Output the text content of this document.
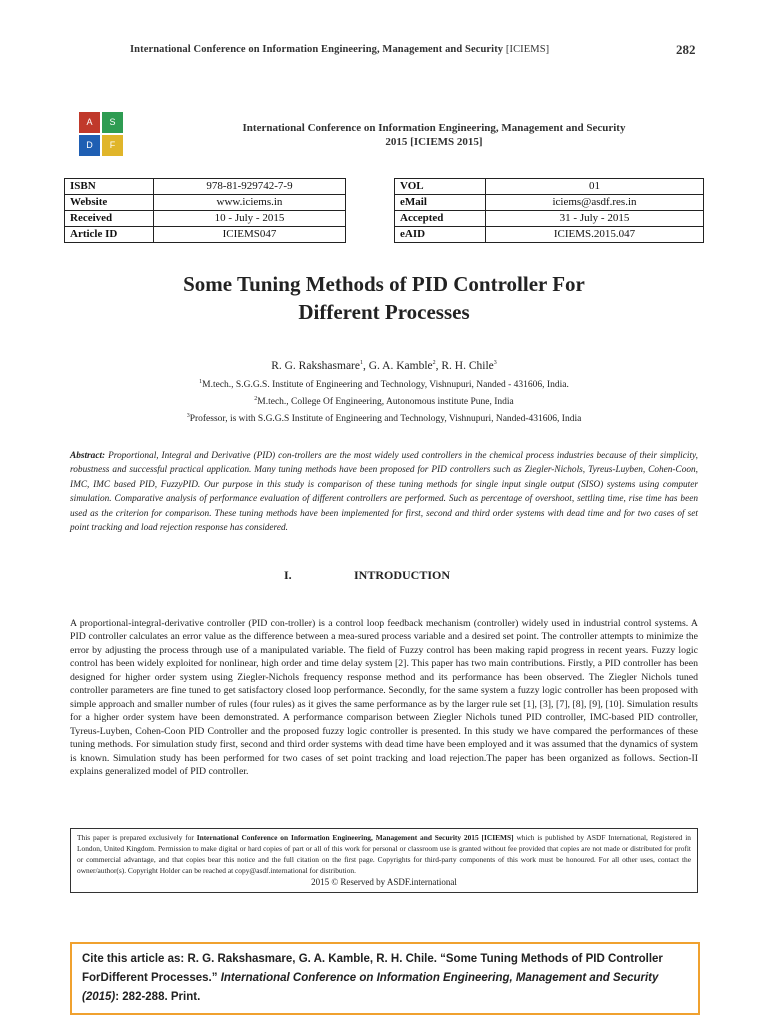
International Conference on Information Engineering, Management and Security [ICIEMS]	282
A	S
D	F
International Conference on Information Engineering, Management and Security
2015 [ICIEMS 2015]
ISBN	978-81-929742-7-9
Website	www.iciems.in
Received	10 - July - 2015
Article ID	ICIEMS047
VOL	01
eMail	iciems@asdf.res.in
Accepted	31 - July - 2015
eAID	ICIEMS.2015.047
Some Tuning Methods of PID Controller For
Different Processes
R. G. Rakshasmare$^1$, G. A. Kamble$^2$, R. H. Chile$^3$
$^1$M.tech., S.G.G.S. Institute of Engineering and Technology, Vishnupuri, Nanded - 431606, India.
$^2$M.tech., College Of Engineering, Autonomous institute Pune, India
$^3$Professor, is with S.G.G.S Institute of Engineering and Technology, Vishnupuri, Nanded-431606, India
Abstract: Proportional, Integral and Derivative (PID) con-trollers are the most widely used controllers in the chemical process industries because of their simplicity, robustness and successful practical application. Many tuning methods have been proposed for PID controllers such as Ziegler-Nichols, Tyreus-Luyben, Cohen-Coon, IMC, IMC based PID, FuzzyPID. Our purpose in this study is comparison of these tuning methods for single input single output (SISO) systems using computer simulation. Comparative analysis of performance evaluation of different controllers are performed. Such as percentage of overshoot, settling time, rise time has been used as the criterion for comparison. These tuning methods have been implemented for first, second and third order systems with dead time and for two cases of set point tracking and load rejection response has considered.
I.	INTRODUCTION
A proportional-integral-derivative controller (PID con-troller) is a control loop feedback mechanism (controller) widely used in industrial control systems. A PID controller calculates an error value as the difference between a mea-sured process variable and a desired set point. The controller attempts to minimize the error by adjusting the process through use of a manipulated variable. The field of Fuzzy control has been making rapid progress in recent years. Fuzzy logic control has been widely exploited for nonlinear, high order and time delay system [2]. This paper has two main contributions. Firstly, a PID controller has been designed for higher order system using Ziegler-Nichols frequency response method and its performance has been observed. The Ziegler Nichols tuned controller parameters are fine tuned to get satisfactory closed loop performance. Secondly, for the same system a fuzzy logic controller has been proposed with simple approach and smaller number of rules (four rules) as it gives the same performance as by the larger rule set [1], [3], [7], [8], [9], [10]. Simulation results for a higher order system have been demonstrated. A performance comparison between Ziegler Nichols tuned PID controller, IMC-based PID controller, Tyreus-Luyben, Cohen-Coon PID Controller and the proposed fuzzy logic controller is presented. In this study we have compared the performances of these tuning methods. For simulation study first, second and third order systems with dead time have been employed and it was assumed that the dynamics of system is known. Simulation study has been performed for two cases of set point tracking and load rejection.The paper has been organized as follows. Section-II explains generalized model of PID controller.
This paper is prepared exclusively for International Conference on Information Engineering, Management and Security 2015 [ICIEMS] which is published by ASDF International, Registered in London, United Kingdom. Permission to make digital or hard copies of part or all of this work for personal or classroom use is granted without fee provided that copies are not made or distributed for profit or commercial advantage, and that copies bear this notice and the full citation on the first page. Copyrights for third-party components of this work must be honoured. For all other uses, contact the owner/author(s). Copyright Holder can be reached at copy@asdf.international for distribution.
2015 © Reserved by ASDF.international
Cite this article as: R. G. Rakshasmare, G. A. Kamble, R. H. Chile. “Some Tuning Methods of PID Controller ForDifferent Processes.” International Conference on Information Engineering, Management and Security (2015): 282-288. Print.
